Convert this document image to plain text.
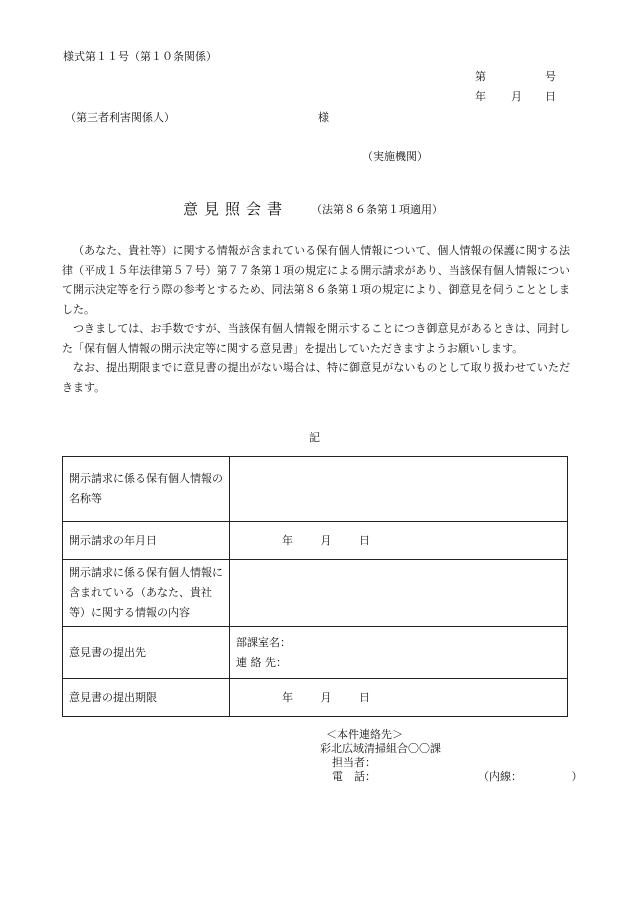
様式第１１号（第１０条関係）
第	号
年 月 日
（第三者利害関係人）	様
（実施機関）
意見照会書 （法第８６条第１項適用）

（あなた、貴社等）に関する情報が含まれている保有個人情報について、個人情報の保護に関する法律（平成１５年法律第５７号）第７７条第１項の規定による開示請求があり、当該保有個人情報について開示決定等を行う際の参考とするため、同法第８６条第１項の規定により、御意見を伺うこととしました。

つきましては、お手数ですが、当該保有個人情報を開示することにつき御意見があるときは、同封した「保有個人情報の開示決定等に関する意見書」を提出していただきますようお願いします。

なお、提出期限までに意見書の提出がない場合は、特に御意見がないものとして取り扱わせていただきます。

記
開示請求に係る保有個人情報の名称等	
開示請求の年月日	年 月 日
開示請求に係る保有個人情報に含まれている（あなた、貴社等）に関する情報の内容	
意見書の提出先	部課室名：
連 絡 先：

意見書の提出期限	年 月 日
＜本件連絡先＞
彩北広域清掃組合〇〇課
担当者：
電　話：	（内線：　　　　　）
